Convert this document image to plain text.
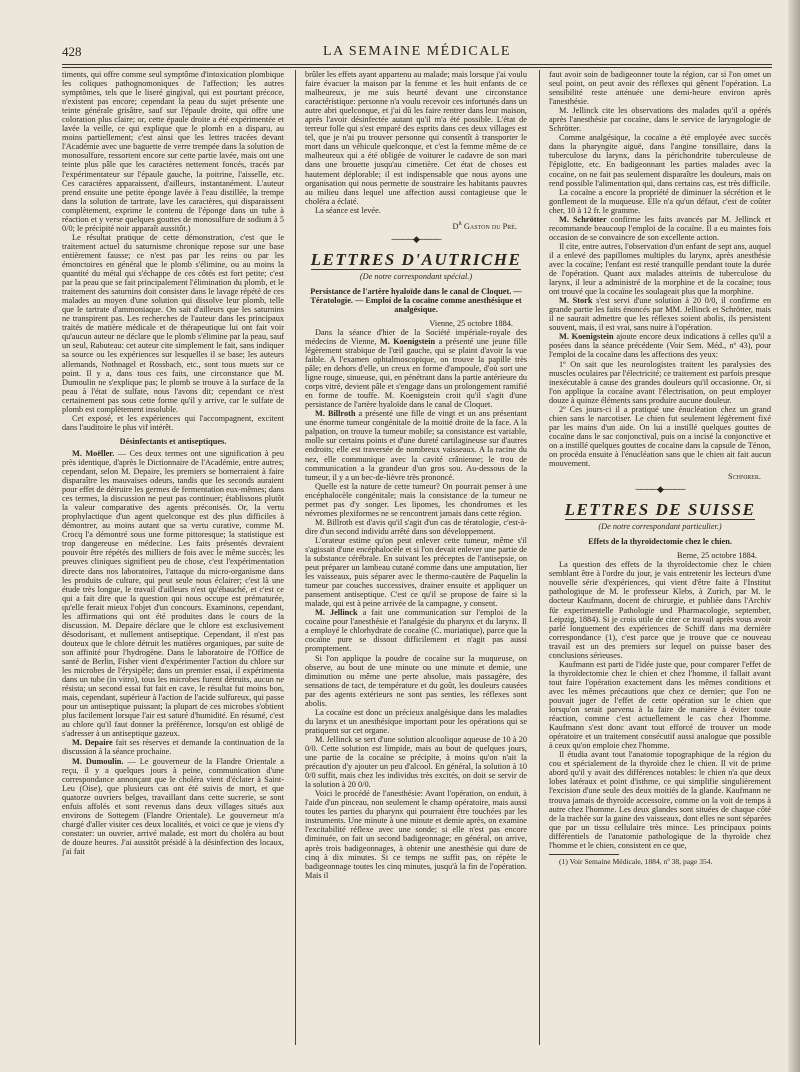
428	LA SEMAINE MÉDICALE

timents, qui offre comme seul symptôme d'intoxication plombique les coliques pathognomoniques de l'affection; les autres symptômes, tels que le liseré gingival, qui est pourtant précoce, n'existent pas encore; cependant la peau du sujet présente une teinte générale grisâtre, sauf sur l'épaule droite, qui offre une coloration plus claire; or, cette épaule droite a été expérimentée et lavée la veille, ce qui explique que le plomb en a disparu, au moins partiellement; c'est ainsi que les lettres tracées devant l'Académie avec une baguette de verre trempée dans la solution de monosulfure, ressortent encore sur cette partie lavée, mais ont une teinte plus pâle que les caractères nettement foncés, tracés par l'expérimentateur sur l'épaule gauche, la poitrine, l'aisselle, etc. Ces caractères apparaissent, d'ailleurs, instantanément. L'auteur prend ensuite une petite éponge lavée à l'eau distillée, la trempe dans la solution de tartrate, lave les caractères, qui disparaissent complètement, exprime le contenu de l'éponge dans un tube à réaction et y verse quelques gouttes de monosulfure de sodium à 5 0/0; le précipité noir apparaît aussitôt.)

Le résultat pratique de cette démonstration, c'est que le traitement actuel du saturnisme chronique repose sur une base entièrement fausse; ce n'est pas par les reins ou par les émonctoires en général que le plomb s'élimine, ou au moins la quantité du métal qui s'échappe de ces côtés est fort petite; c'est par la peau que se fait principalement l'élimination du plomb, et le traitement des saturnins doit consister dans le lavage répété de ces malades au moyen d'une solution qui dissolve leur plomb, telle que le tartrate d'ammoniaque. On sait d'ailleurs que les saturnins ne transpirent pas. Les recherches de l'auteur dans les principaux traités de matière médicale et de thérapeutique lui ont fait voir qu'aucun auteur ne déclare que le plomb s'élimine par la peau, sauf un seul, Rabuteau: cet auteur cite simplement le fait, sans indiquer sa source ou les expériences sur lesquelles il se base; les auteurs allemands, Nothnagel et Rossbach, etc., sont tous muets sur ce point. Il y a, dans tous ces faits, une circonstance que M. Dumoulin ne s'explique pas; le plomb se trouve à la surface de la peau à l'état de sulfate, nous l'avons dit; cependant ce n'est certainement pas sous cette forme qu'il y arrive, car le sulfate de plomb est complètement insoluble.

Cet exposé, et les expériences qui l'accompagnent, excitent dans l'auditoire le plus vif intérêt.

Désinfectants et antiseptiques.

M. Moëller. — Ces deux termes ont une signification à peu près identique, d'après le Dictionnaire de l'Académie, entre autres; cependant, selon M. Depaire, les premiers se bornerraient à faire disparaître les mauvaises odeurs, tandis que les seconds auraient pour effet de détruire les germes de fermentation eux-mêmes; dans ces termes, la discussion ne peut pas continuer; établissons plutôt la valeur comparative des agents préconisés. Or, la vertu prophylactique d'un agent quelconque est des plus difficiles à démontrer, au moins autant que sa vertu curative, comme M. Crocq l'a démontré sous une forme pittoresque; la statistique est trop dangereuse en médecine. Les faits présentés devraient pouvoir être répétés des milliers de fois avec le même succès; les preuves cliniques signifient peu de chose, c'est l'expérimentation directe dans nos laboratoires, l'attaque du micro-organisme dans les produits de culture, qui peut seule nous éclairer; c'est là une étude très longue, le travail d'ailleurs n'est qu'ébauché, et c'est ce qui a fait dire que la question qui nous occupe est prématurée, qu'elle ferait mieux l'objet d'un concours. Examinons, cependant, les affirmations qui ont été produites dans le cours de la discussion. M. Depaire déclare que le chlore est exclusivement désodorisant, et nullement antiseptique. Cependant, il n'est pas douteux que le chlore détruit les matières organiques, par suite de son affinité pour l'hydrogène. Dans le laboratoire de l'Office de santé de Berlin, Fisher vient d'expérimenter l'action du chlore sur les microbes de l'érysipèle; dans un premier essai, il expérimenta dans un tube (in vitro), tous les microbes furent détruits, aucun ne résista; un second essai fut fait en cave, le résultat fut moins bon, mais, cependant, supérieur à l'action de l'acide sulfureux, qui passe pour un antiseptique puissant; la plupart de ces microbes s'obtient plus facilement lorsque l'air est saturé d'humidité. En résumé, c'est au chlore qu'il faut donner la préférence, lorsqu'on est obligé de s'adresser à un antiseptique gazeux.

M. Depaire fait ses réserves et demande la continuation de la discussion à la séance prochaine.

M. Dumoulin. — Le gouverneur de la Flandre Orientale a reçu, il y a quelques jours à peine, communication d'une correspondance annonçant que le choléra vient d'éclater à Saint-Leu (Oise), que plusieurs cas ont été suivis de mort, et que quatorze ouvriers belges, travaillant dans cette sucrerie, se sont enfuis affolés et sont revenus dans deux villages situés aux environs de Sottegem (Flandre Orientale). Le gouverneur m'a chargé d'aller visiter ces deux localités, et voici ce que je viens d'y constater: un ouvrier, arrivé malade, est mort du choléra au bout de douze heures. J'ai aussitôt présidé à la désinfection des locaux, j'ai fait

brûler les effets ayant appartenu au malade; mais lorsque j'ai voulu faire évacuer la maison par la femme et les huit enfants de ce malheureux, je me suis heurté devant une circonstance caractéristique: personne n'a voulu recevoir ces infortunés dans un autre abri quelconque, et j'ai dû les faire rentrer dans leur maison, après l'avoir désinfectée autant qu'il m'a été possible. L'état de terreur folle qui s'est emparé des esprits dans ces deux villages est tel, que je n'ai pu trouver personne qui consentît à transporter le mort dans un véhicule quelconque, et c'est la femme même de ce malheureux qui a été obligée de voiturer le cadavre de son mari dans une brouette jusqu'au cimetière. Cet état de choses est hautement déplorable; il est indispensable que nous ayons une organisation qui nous permette de soustraire les habitants pauvres au milieu dans lequel une affection aussi contagieuse que le choléra a éclaté.

La séance est levée.

$D^r$ Gaston du Pré.
────◆────
LETTRES D'AUTRICHE
(De notre correspondant spécial.)
Persistance de l'artère hyaloïde dans le canal de Cloquet. — Tératologie. — Emploi de la cocaïne comme anesthésique et analgésique.
Vienne, 25 octobre 1884.

Dans la séance d'hier de la Société impériale-royale des médecins de Vienne, M. Koenigstein a présenté une jeune fille légèrement strabique de l'œil gauche, qui se plaint d'avoir la vue faible. A l'examen ophtalmoscopique, on trouve la papille très pâle; en dehors d'elle, un creux en forme d'ampoule, d'où sort une ligne rouge, sinueuse, qui, en pénétrant dans la partie antérieure du corps vitré, devient pâle et s'engage dans un prolongement ramifié en forme de touffe. M. Koenigstein croit qu'il s'agit d'une persistance de l'artère hyaloïde dans le canal de Cloquet.

M. Billroth a présenté une fille de vingt et un ans présentant une énorme tumeur congénitale de la moitié droite de la face. A la palpation, on trouve la tumeur mobile; sa consistance est variable, molle sur certains points et d'une dureté cartilagineuse sur d'autres endroits; elle est traversée de nombreux vaisseaux. A la racine du nez, elle communique avec la cavité crânienne; le trou de communication a la grandeur d'un gros sou. Au-dessous de la tumeur, il y a un bec-de-lièvre très prononcé.

Quelle est la nature de cette tumeur? On pourrait penser à une encéphalocèle congénitale; mais la consistance de la tumeur ne permet pas d'y songer. Les lipomes, les chondromes et les névromes plexiformes ne se rencontrent jamais dans cette région.

M. Billroth est d'avis qu'il s'agit d'un cas de tératologie, c'est-à-dire d'un second individu arrêté dans son développement.

L'orateur estime qu'on peut enlever cette tumeur, même s'il s'agissait d'une encéphalocèle et si l'on devait enlever une partie de la substance cérébrale. En suivant les préceptes de l'antisepsie, on peut préparer un lambeau cutané comme dans une amputation, lier les vaisseaux, puis séparer avec le thermo-cautère de Paquelin la tumeur par couches successives, drainer ensuite et appliquer un pansement antiseptique. C'est ce qu'il se propose de faire si la malade, qui est à peine arrivée de la campagne, y consent.

M. Jellinck a fait une communication sur l'emploi de la cocaïne pour l'anesthésie et l'analgésie du pharynx et du larynx. Il a employé le chlorhydrate de cocaïne (C. muriatique), parce que la cocaïne pure se dissout difficilement et n'agit pas aussi promptement.

Si l'on applique la poudre de cocaïne sur la muqueuse, on observe, au bout de une minute ou une minute et demie, une diminution ou même une perte absolue, mais passagère, des sensations de tact, de température et du goût, les douleurs causées par des agents extérieurs ne sont pas senties, les réflexes sont abolis.

La cocaïne est donc un précieux analgésique dans les maladies du larynx et un anesthésique important pour les opérations qui se pratiquent sur cet organe.

M. Jellinck se sert d'une solution alcoolique aqueuse de 10 à 20 0/0. Cette solution est limpide, mais au bout de quelques jours, une partie de la cocaïne se précipite, à moins qu'on n'ait la précaution d'y ajouter un peu d'alcool. En général, la solution à 10 0/0 suffit, mais chez les individus très excités, on doit se servir de la solution à 20 0/0.

Voici le procédé de l'anesthésie: Avant l'opération, on enduit, à l'aide d'un pinceau, non seulement le champ opératoire, mais aussi toutes les parties du pharynx qui pourraient être touchées par les instruments. Une minute à une minute et demie après, on examine l'excitabilité réflexe avec une sonde; si elle n'est pas encore diminuée, on fait un second badigeonnage; en général, on arrive, après trois badigeonnages, à obtenir une anesthésie qui dure de cinq à dix minutes. Si ce temps ne suffit pas, on répète le badigeonnage toutes les cinq minutes, jusqu'à la fin de l'opération. Mais il

faut avoir soin de badigeonner toute la région, car si l'on omet un seul point, on peut avoir des réflexes qui gênent l'opération. La sensibilité reste atténuée une demi-heure environ après l'anesthésie.

M. Jellinck cite les observations des malades qu'il a opérés après l'anesthésie par cocaïne, dans le service de laryngologie de Schrötter.

Comme analgésique, la cocaïne a été employée avec succès dans la pharyngite aiguë, dans l'angine tonsillaire, dans la tuberculose du larynx, dans la périchondrite tuberculeuse de l'épiglotte, etc. En badigeonnant les parties malades avec la cocaïne, on ne fait pas seulement disparaître les douleurs, mais on rend possible l'alimentation qui, dans certains cas, est très difficile.

La cocaïne a encore la propriété de diminuer la sécrétion et le gonflement de la muqueuse. Elle n'a qu'un défaut, c'est de coûter cher, 10 à 12 fr. le gramme.

M. Schrötter confirme les faits avancés par M. Jellinck et recommande beaucoup l'emploi de la cocaïne. Il a eu maintes fois occasion de se convaincre de son excellente action.

Il cite, entre autres, l'observation d'un enfant de sept ans, auquel il a enlevé des papillomes multiples du larynx, après anesthésie avec la cocaïne; l'enfant est resté tranquille pendant toute la durée de l'opération. Quant aux malades atteints de tuberculose du larynx, il leur a administré de la morphine et de la cocaïne; tous ont trouvé que la cocaïne les soulageait plus que la morphine.

M. Stork s'est servi d'une solution à 20 0/0, il confirme en grande partie les faits énoncés par MM. Jellinck et Schrötter, mais il ne saurait admettre que les réflexes soient abolis, ils persistent souvent, mais, il est vrai, sans nuire à l'opération.

M. Koenigstein ajoute encore deux indications à celles qu'il a posées dans la séance précédente (Voir Sem. Méd., nº 43), pour l'emploi de la cocaïne dans les affections des yeux:

1º On sait que les neurologistes traitent les paralysies des muscles oculaires par l'électricité; ce traitement est parfois presque inexécutable à cause des grandes douleurs qu'il occasionne. Or, si l'on applique la cocaïne avant l'électrisation, on peut employer douze à quinze éléments sans produire aucune douleur.

2º Ces jours-ci il a pratiqué une énucléation chez un grand chien sans le narcotiser. Le chien fut seulement légèrement fixé par les mains d'un aide. On lui a instillé quelques gouttes de cocaïne dans le sac conjonctival, puis on a incisé la conjonctive et on a instillé quelques gouttes de cocaïne dans la capsule de Ténon, on procéda ensuite à l'énucléation sans que le chien ait fait aucun mouvement.

Schnirer.
────◆────
LETTRES DE SUISSE
(De notre correspondant particulier.)
Effets de la thyroïdectomie chez le chien.
Berne, 25 octobre 1884.

La question des effets de la thyroïdectomie chez le chien semblant être à l'ordre du jour, je vais entretenir les lecteurs d'une nouvelle série d'expériences, qui vient d'être faite à l'Institut pathologique de M. le professeur Klebs, à Zurich, par M. le docteur Kaufmann, docent de chirurgie, et publiée dans l'Archiv für experimentelle Pathologie und Pharmacologie, september, Leipzig, 1884). Si je crois utile de citer ce travail après vous avoir parlé longuement des expériences de Schiff dans ma dernière correspondance (1), c'est parce que je trouve que ce nouveau travail est un des premiers sur lequel on puisse baser des conclusions sérieuses.

Kaufmann est parti de l'idée juste que, pour comparer l'effet de la thyroïdectomie chez le chien et chez l'homme, il fallait avant tout faire l'opération exactement dans les mêmes conditions et avec les mêmes précautions que chez ce dernier; que l'on ne pouvait juger de l'effet de cette opération sur le chien que lorsqu'on serait parvenu à la faire de manière à éviter toute réaction, comme c'est actuellement le cas chez l'homme. Kaufmann s'est donc avant tout efforcé de trouver un mode opératoire et un traitement consécutif aussi analogue que possible à ceux qu'on emploie chez l'homme.

Il étudia avant tout l'anatomie topographique de la région du cou et spécialement de la thyroïde chez le chien. Il vit de prime abord qu'il y avait des différences notables: le chien n'a que deux lobes latéraux et point d'isthme, ce qui simplifie singulièrement l'excision d'une seule des deux moitiés de la glande. Kaufmann ne trouva jamais de thyroïde accessoire, comme on la voit de temps à autre chez l'homme. Les deux glandes sont situées de chaque côté de la trachée sur la gaine des vaisseaux, dont elles ne sont séparées que par un tissu cellulaire très mince. Les principaux points différentiels de l'anatomie pathologique de la thyroïde chez l'homme et le chien, consistent en ce que,

(1) Voir Semaine Médicale, 1884, nº 38, page 354.
